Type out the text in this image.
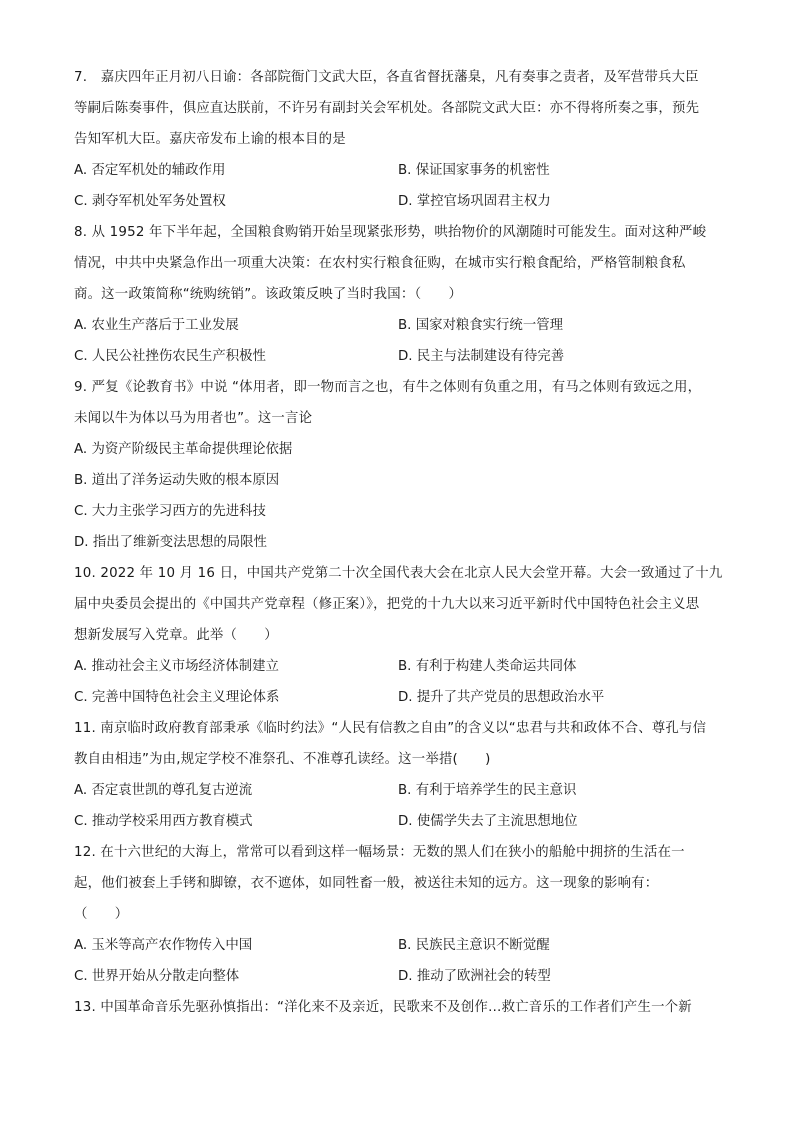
7.　嘉庆四年正月初八日谕：各部院衙门文武大臣，各直省督抚藩臬，凡有奏事之责者，及军营带兵大臣
等嗣后陈奏事件，俱应直达朕前，不许另有副封关会军机处。各部院文武大臣：亦不得将所奏之事，预先
告知军机大臣。嘉庆帝发布上谕的根本目的是
A. 否定军机处的辅政作用	B. 保证国家事务的机密性
C. 剥夺军机处军务处置权	D. 掌控官场巩固君主权力
8. 从 1952 年下半年起，全国粮食购销开始呈现紧张形势，哄抬物价的风潮随时可能发生。面对这种严峻
情况，中共中央紧急作出一项重大决策：在农村实行粮食征购，在城市实行粮食配给，严格管制粮食私
商。这一政策简称“统购统销”。该政策反映了当时我国：（　　）
A. 农业生产落后于工业发展	B. 国家对粮食实行统一管理
C. 人民公社挫伤农民生产积极性	D. 民主与法制建设有待完善
9. 严复《论教育书》中说 “体用者，即一物而言之也，有牛之体则有负重之用，有马之体则有致远之用，
未闻以牛为体以马为用者也”。这一言论
A. 为资产阶级民主革命提供理论依据
B. 道出了洋务运动失败的根本原因
C. 大力主张学习西方的先进科技
D. 指出了维新变法思想的局限性
10. 2022 年 10 月 16 日，中国共产党第二十次全国代表大会在北京人民大会堂开幕。大会一致通过了十九
届中央委员会提出的《中国共产党章程（修正案）》，把党的十九大以来习近平新时代中国特色社会主义思
想新发展写入党章。此举（　　）
A. 推动社会主义市场经济体制建立	B. 有利于构建人类命运共同体
C. 完善中国特色社会主义理论体系	D. 提升了共产党员的思想政治水平
11. 南京临时政府教育部秉承《临时约法》“人民有信教之自由”的含义以“忠君与共和政体不合、尊孔与信
教自由相违”为由,规定学校不准祭孔、不准尊孔读经。这一举措(　　)
A. 否定袁世凯的尊孔复古逆流	B. 有利于培养学生的民主意识
C. 推动学校采用西方教育模式	D. 使儒学失去了主流思想地位
12. 在十六世纪的大海上，常常可以看到这样一幅场景：无数的黑人们在狭小的船舱中拥挤的生活在一
起，他们被套上手铐和脚镣，衣不遮体，如同牲畜一般，被送往未知的远方。这一现象的影响有：
（　　）
A. 玉米等高产农作物传入中国	B. 民族民主意识不断觉醒
C. 世界开始从分散走向整体	D. 推动了欧洲社会的转型
13. 中国革命音乐先驱孙慎指出：“洋化来不及亲近，民歌来不及创作…救亡音乐的工作者们产生一个新
